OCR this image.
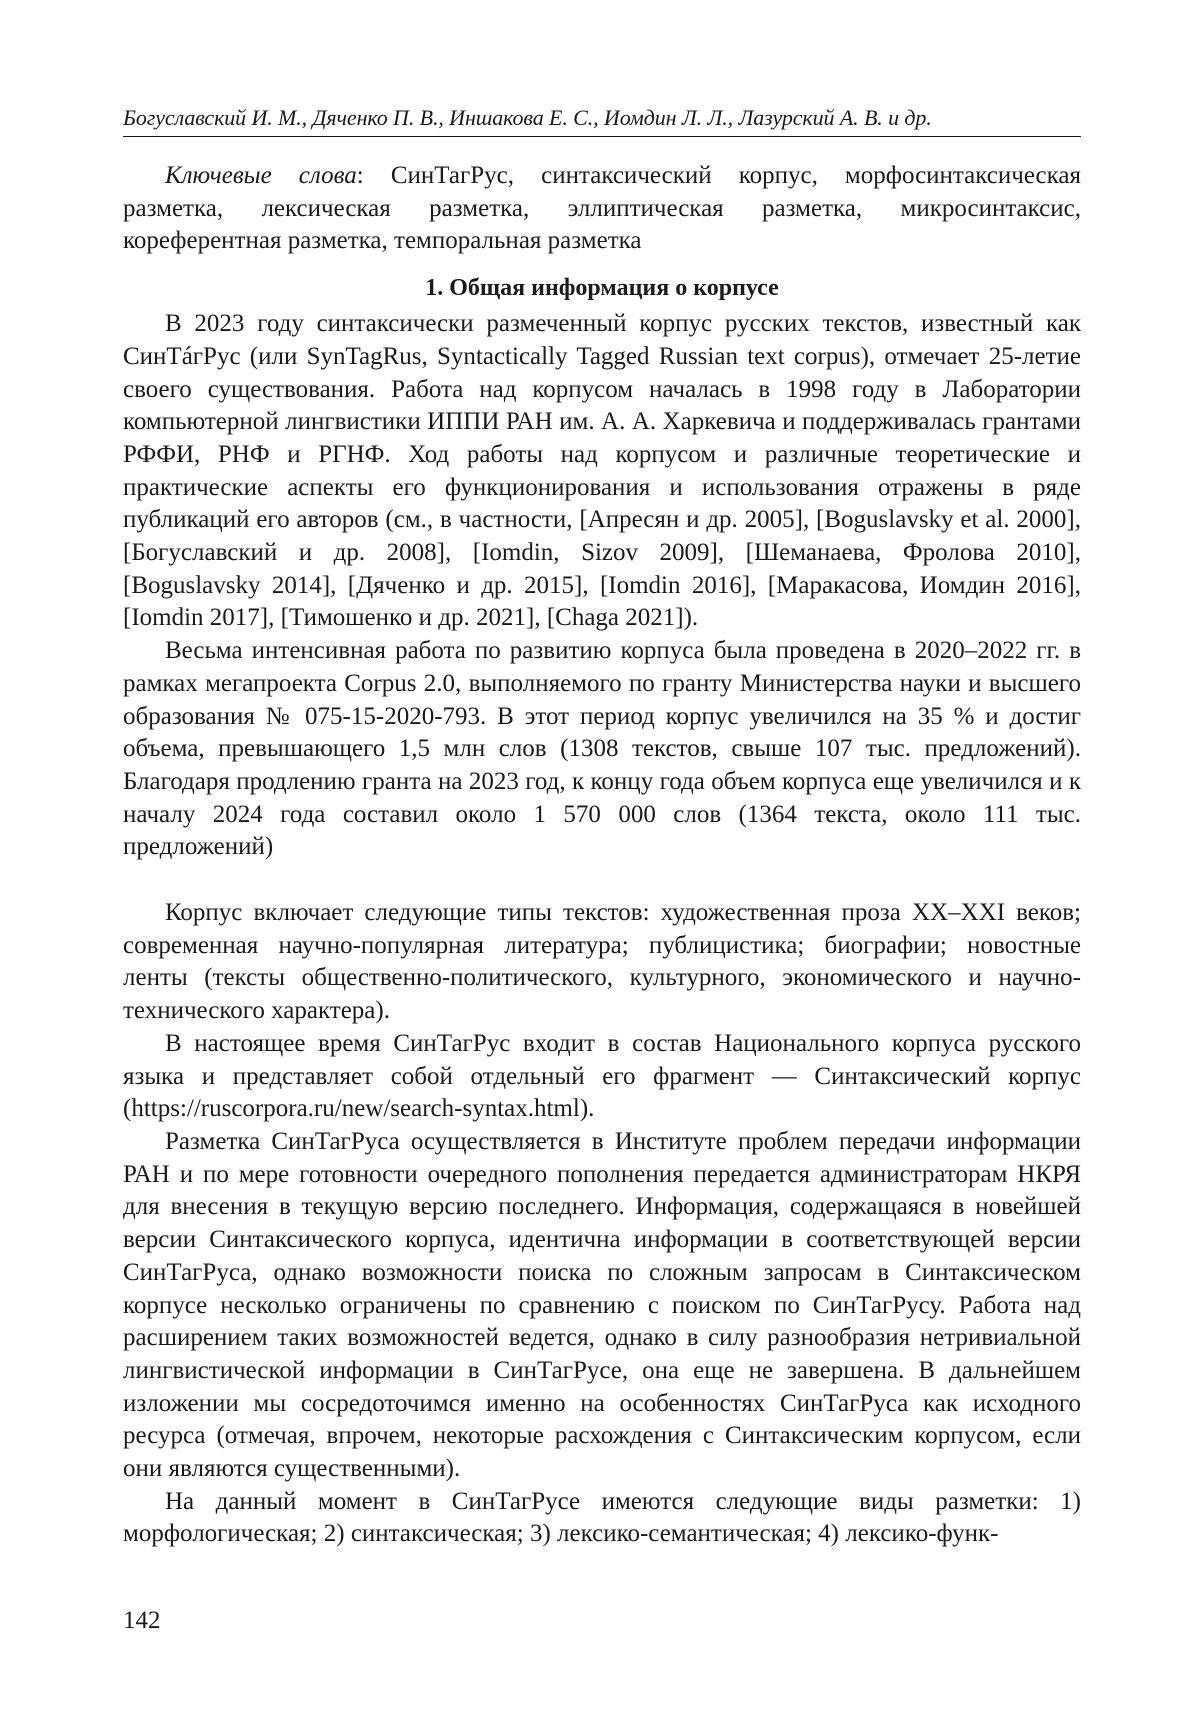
Богуславский И. М., Дяченко П. В., Иншакова Е. С., Иомдин Л. Л., Лазурский А. В. и др.

Ключевые слова: СинТагРус, синтаксический корпус, морфосинтаксическая разметка, лексическая разметка, эллиптическая разметка, микросинтаксис, кореферентная разметка, темпоральная разметка

1. Общая информация о корпусе

В 2023 году синтаксически размеченный корпус русских текстов, известный как СинТáгРус (или SynTagRus, Syntactically Tagged Russian text corpus), отмечает 25-летие своего существования. Работа над корпусом началась в 1998 году в Лаборатории компьютерной лингвистики ИППИ РАН им. А. А. Харкевича и поддерживалась грантами РФФИ, РНФ и РГНФ. Ход работы над корпусом и различные теоретические и практические аспекты его функционирования и использования отражены в ряде публикаций его авторов (см., в частности, [Апресян и др. 2005], [Boguslavsky et al. 2000], [Богуславский и др. 2008], [Iomdin, Sizov 2009], [Шеманаева, Фролова 2010], [Boguslavsky 2014], [Дяченко и др. 2015], [Iomdin 2016], [Маракасова, Иомдин 2016], [Iomdin 2017], [Тимошенко и др. 2021], [Chaga 2021]).

Весьма интенсивная работа по развитию корпуса была проведена в 2020–2022 гг. в рамках мегапроекта Corpus 2.0, выполняемого по гранту Министерства науки и высшего образования № 075-15-2020-793. В этот период корпус увеличился на 35 % и достиг объема, превышающего 1,5 млн слов (1308 текстов, свыше 107 тыс. предложений). Благодаря продлению гранта на 2023 год, к концу года объем корпуса еще увеличился и к началу 2024 года составил около 1 570 000 слов (1364 текста, около 111 тыс. предложений)

Корпус включает следующие типы текстов: художественная проза XX–XXI веков; современная научно-популярная литература; публицистика; биографии; новостные ленты (тексты общественно-политического, культурного, экономического и научно-технического характера).

В настоящее время СинТагРус входит в состав Национального корпуса русского языка и представляет собой отдельный его фрагмент — Синтаксический корпус (https://ruscorpora.ru/new/search-syntax.html).

Разметка СинТагРуса осуществляется в Институте проблем передачи информации РАН и по мере готовности очередного пополнения передается администраторам НКРЯ для внесения в текущую версию последнего. Информация, содержащаяся в новейшей версии Синтаксического корпуса, идентична информации в соответствующей версии СинТагРуса, однако возможности поиска по сложным запросам в Синтаксическом корпусе несколько ограничены по сравнению с поиском по СинТагРусу. Работа над расширением таких возможностей ведется, однако в силу разнообразия нетривиальной лингвистической информации в СинТагРусе, она еще не завершена. В дальнейшем изложении мы сосредоточимся именно на особенностях СинТагРуса как исходного ресурса (отмечая, впрочем, некоторые расхождения с Синтаксическим корпусом, если они являются существенными).

На данный момент в СинТагРусе имеются следующие виды разметки: 1) морфологическая; 2) синтаксическая; 3) лексико-семантическая; 4) лексико-функ-

142
